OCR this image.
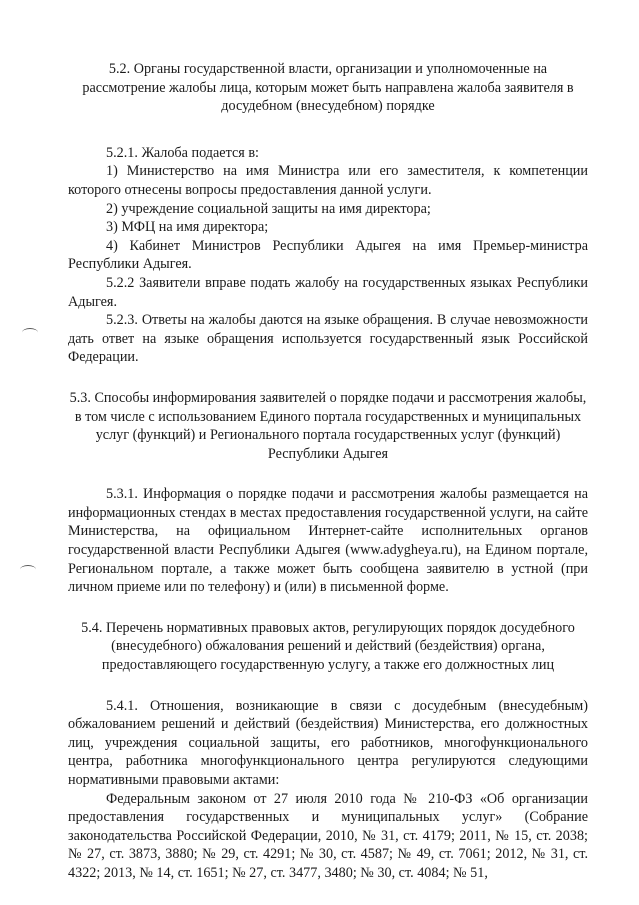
5.2. Органы государственной власти, организации и уполномоченные на рассмотрение жалобы лица, которым может быть направлена жалоба заявителя в досудебном (внесудебном) порядке

5.2.1. Жалоба подается в:

1) Министерство на имя Министра или его заместителя, к компетенции которого отнесены вопросы предоставления данной услуги.

2) учреждение социальной защиты на имя директора;

3) МФЦ на имя директора;

4) Кабинет Министров Республики Адыгея на имя Премьер-министра Республики Адыгея.

5.2.2 Заявители вправе подать жалобу на государственных языках Республики Адыгея.

5.2.3. Ответы на жалобы даются на языке обращения. В случае невозможности дать ответ на языке обращения используется государственный язык Российской Федерации.

5.3. Способы информирования заявителей о порядке подачи и рассмотрения жалобы, в том числе с использованием Единого портала государственных и муниципальных услуг (функций) и Регионального портала государственных услуг (функций) Республики Адыгея

5.3.1. Информация о порядке подачи и рассмотрения жалобы размещается на информационных стендах в местах предоставления государственной услуги, на сайте Министерства, на официальном Интернет-сайте исполнительных органов государственной власти Республики Адыгея (www.adygheya.ru), на Едином портале, Региональном портале, а также может быть сообщена заявителю в устной (при личном приеме или по телефону) и (или) в письменной форме.

5.4. Перечень нормативных правовых актов, регулирующих порядок досудебного (внесудебного) обжалования решений и действий (бездействия) органа, предоставляющего государственную услугу, а также его должностных лиц

5.4.1. Отношения, возникающие в связи с досудебным (внесудебным) обжалованием решений и действий (бездействия) Министерства, его должностных лиц, учреждения социальной защиты, его работников, многофункционального центра, работника многофункционального центра регулируются следующими нормативными правовыми актами:

Федеральным законом от 27 июля 2010 года № 210-ФЗ «Об организации предоставления государственных и муниципальных услуг» (Собрание законодательства Российской Федерации, 2010, № 31, ст. 4179; 2011, № 15, ст. 2038; № 27, ст. 3873, 3880; № 29, ст. 4291; № 30, ст. 4587; № 49, ст. 7061; 2012, № 31, ст. 4322; 2013, № 14, ст. 1651; № 27, ст. 3477, 3480; № 30, ст. 4084; № 51,
